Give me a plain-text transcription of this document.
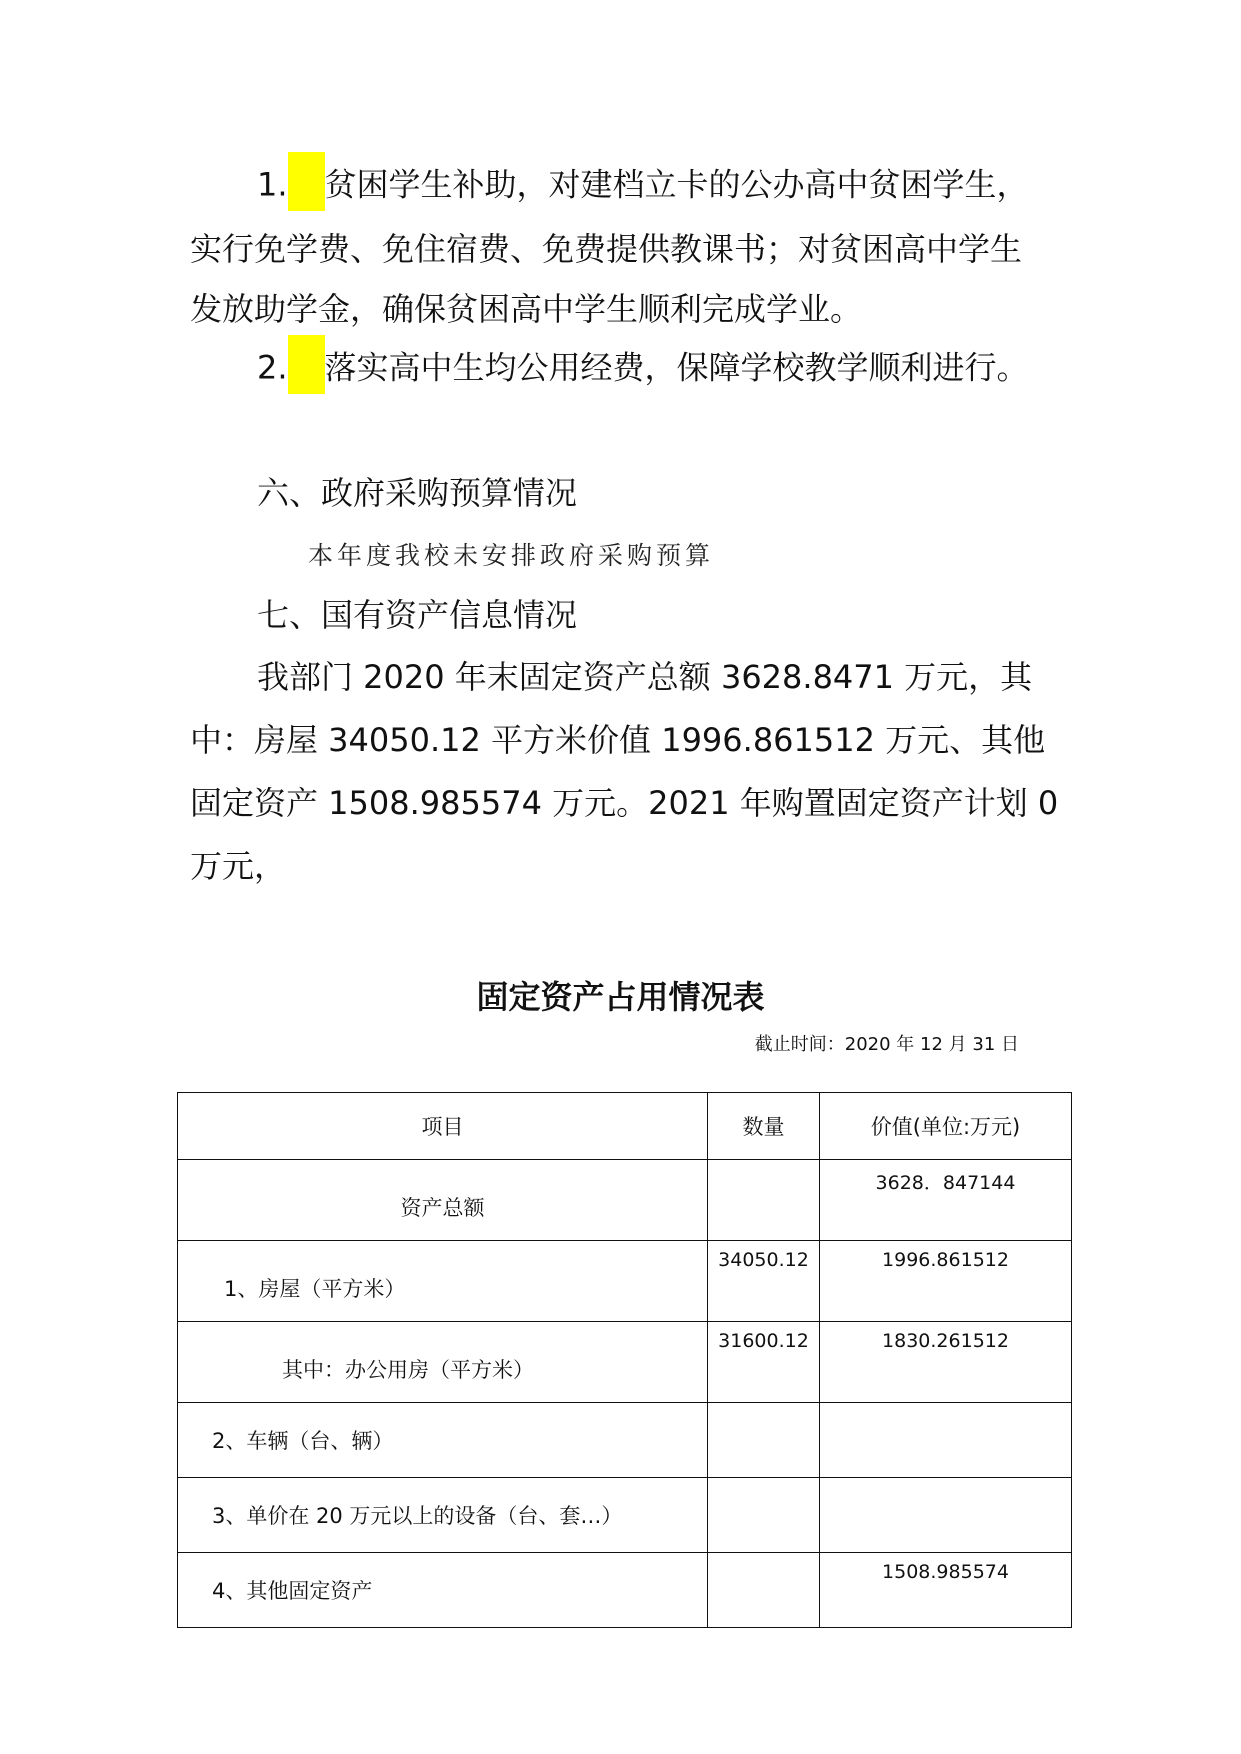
1. 贫困学生补助，对建档立卡的公办高中贫困学生，
实行免学费、免住宿费、免费提供教课书；对贫困高中学生
发放助学金，确保贫困高中学生顺利完成学业。
2. 落实高中生均公用经费，保障学校教学顺利进行。
六、政府采购预算情况
本年度我校未安排政府采购预算
七、国有资产信息情况
我部门 2020 年末固定资产总额 3628.8471 万元，其
中：房屋 34050.12 平方米价值 1996.861512 万元、其他
固定资产 1508.985574 万元。2021 年购置固定资产计划 0
万元，
固定资产占用情况表
截止时间：2020 年 12 月 31 日
项目	数量	价值(单位:万元)
资产总额		3628．847144
1、房屋（平方米）	34050.12	1996.861512
其中：办公用房（平方米）	31600.12	1830.261512
2、车辆（台、辆）		
3、单价在 20 万元以上的设备（台、套…）		
4、其他固定资产		1508.985574
